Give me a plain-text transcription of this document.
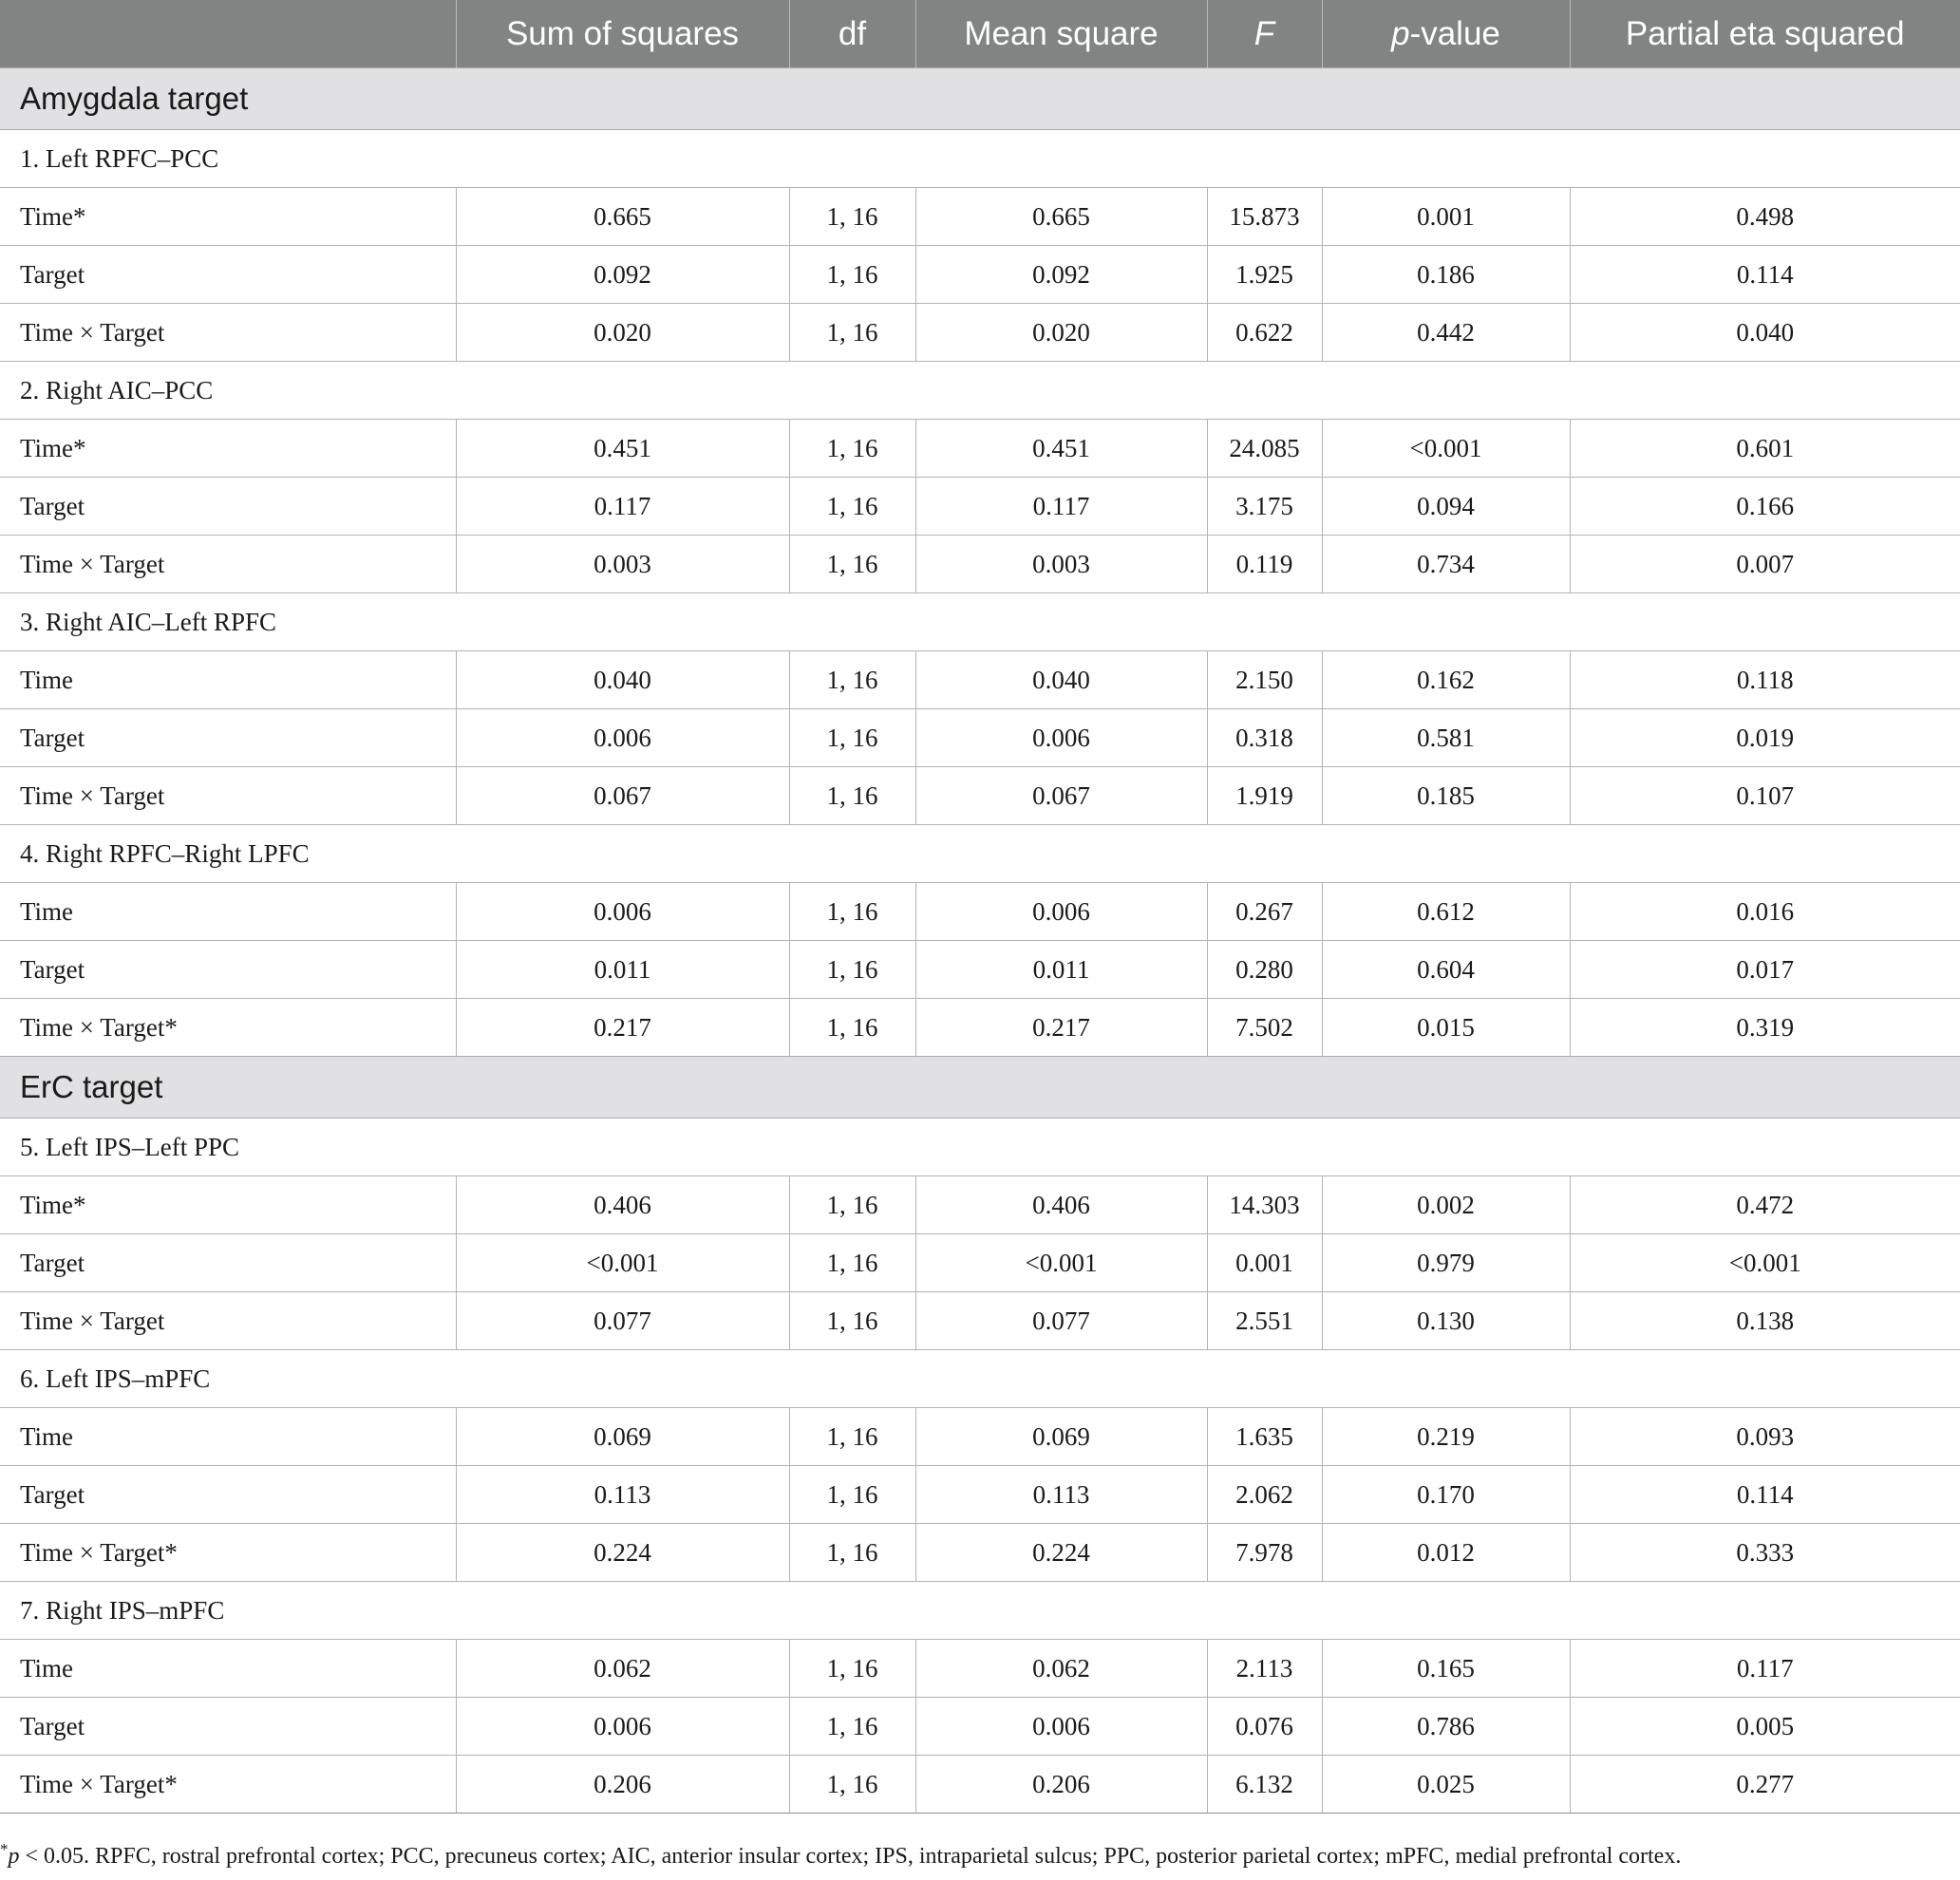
	Sum of squares	df	Mean square	F	p-value	Partial eta squared
Amygdala target						
1. Left RPFC–PCC						
Time*	0.665	1, 16	0.665	15.873	0.001	0.498
Target	0.092	1, 16	0.092	1.925	0.186	0.114
Time × Target	0.020	1, 16	0.020	0.622	0.442	0.040
2. Right AIC–PCC						
Time*	0.451	1, 16	0.451	24.085	<0.001	0.601
Target	0.117	1, 16	0.117	3.175	0.094	0.166
Time × Target	0.003	1, 16	0.003	0.119	0.734	0.007
3. Right AIC–Left RPFC						
Time	0.040	1, 16	0.040	2.150	0.162	0.118
Target	0.006	1, 16	0.006	0.318	0.581	0.019
Time × Target	0.067	1, 16	0.067	1.919	0.185	0.107
4. Right RPFC–Right LPFC						
Time	0.006	1, 16	0.006	0.267	0.612	0.016
Target	0.011	1, 16	0.011	0.280	0.604	0.017
Time × Target*	0.217	1, 16	0.217	7.502	0.015	0.319
ErC target						
5. Left IPS–Left PPC						
Time*	0.406	1, 16	0.406	14.303	0.002	0.472
Target	<0.001	1, 16	<0.001	0.001	0.979	<0.001
Time × Target	0.077	1, 16	0.077	2.551	0.130	0.138
6. Left IPS–mPFC						
Time	0.069	1, 16	0.069	1.635	0.219	0.093
Target	0.113	1, 16	0.113	2.062	0.170	0.114
Time × Target*	0.224	1, 16	0.224	7.978	0.012	0.333
7. Right IPS–mPFC						
Time	0.062	1, 16	0.062	2.113	0.165	0.117
Target	0.006	1, 16	0.006	0.076	0.786	0.005
Time × Target*	0.206	1, 16	0.206	6.132	0.025	0.277
*p < 0.05. RPFC, rostral prefrontal cortex; PCC, precuneus cortex; AIC, anterior insular cortex; IPS, intraparietal sulcus; PPC, posterior parietal cortex; mPFC, medial prefrontal cortex.
